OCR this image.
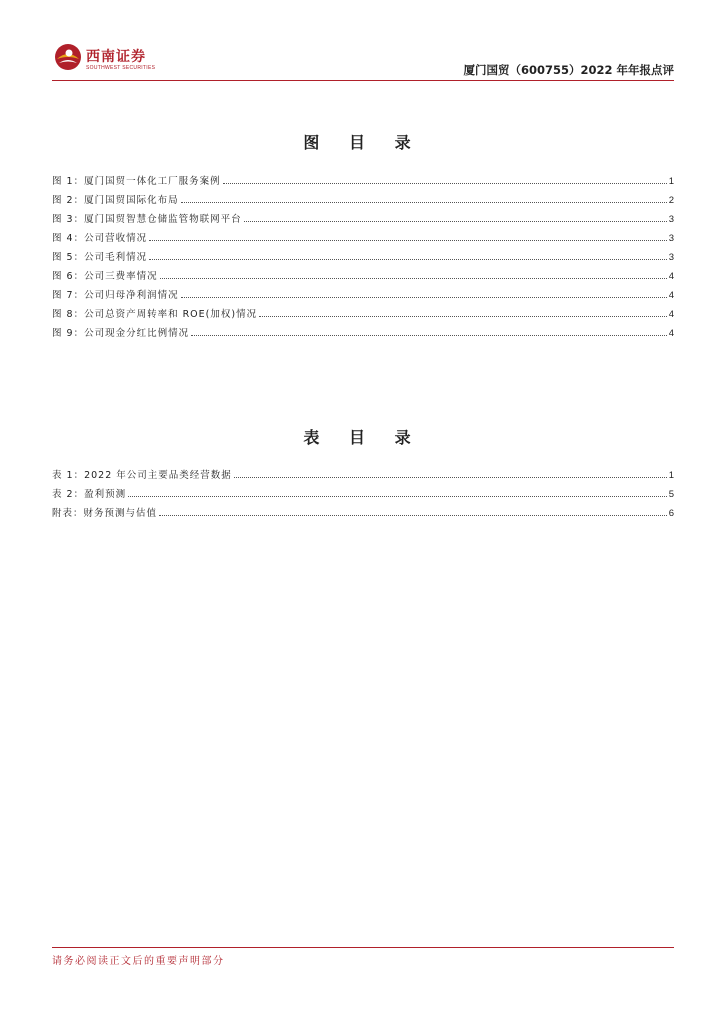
西南证券
SOUTHWEST SECURITIES	厦门国贸（600755）2022 年年报点评
图 目 录
图 1：厦门国贸一体化工厂服务案例	1
图 2：厦门国贸国际化布局	2
图 3：厦门国贸智慧仓储监管物联网平台	3
图 4：公司营收情况	3
图 5：公司毛利情况	3
图 6：公司三费率情况	4
图 7：公司归母净利润情况	4
图 8：公司总资产周转率和 ROE(加权)情况	4
图 9：公司现金分红比例情况	4
表 目 录
表 1：2022 年公司主要品类经营数据	1
表 2：盈利预测	5
附表：财务预测与估值	6
请务必阅读正文后的重要声明部分
